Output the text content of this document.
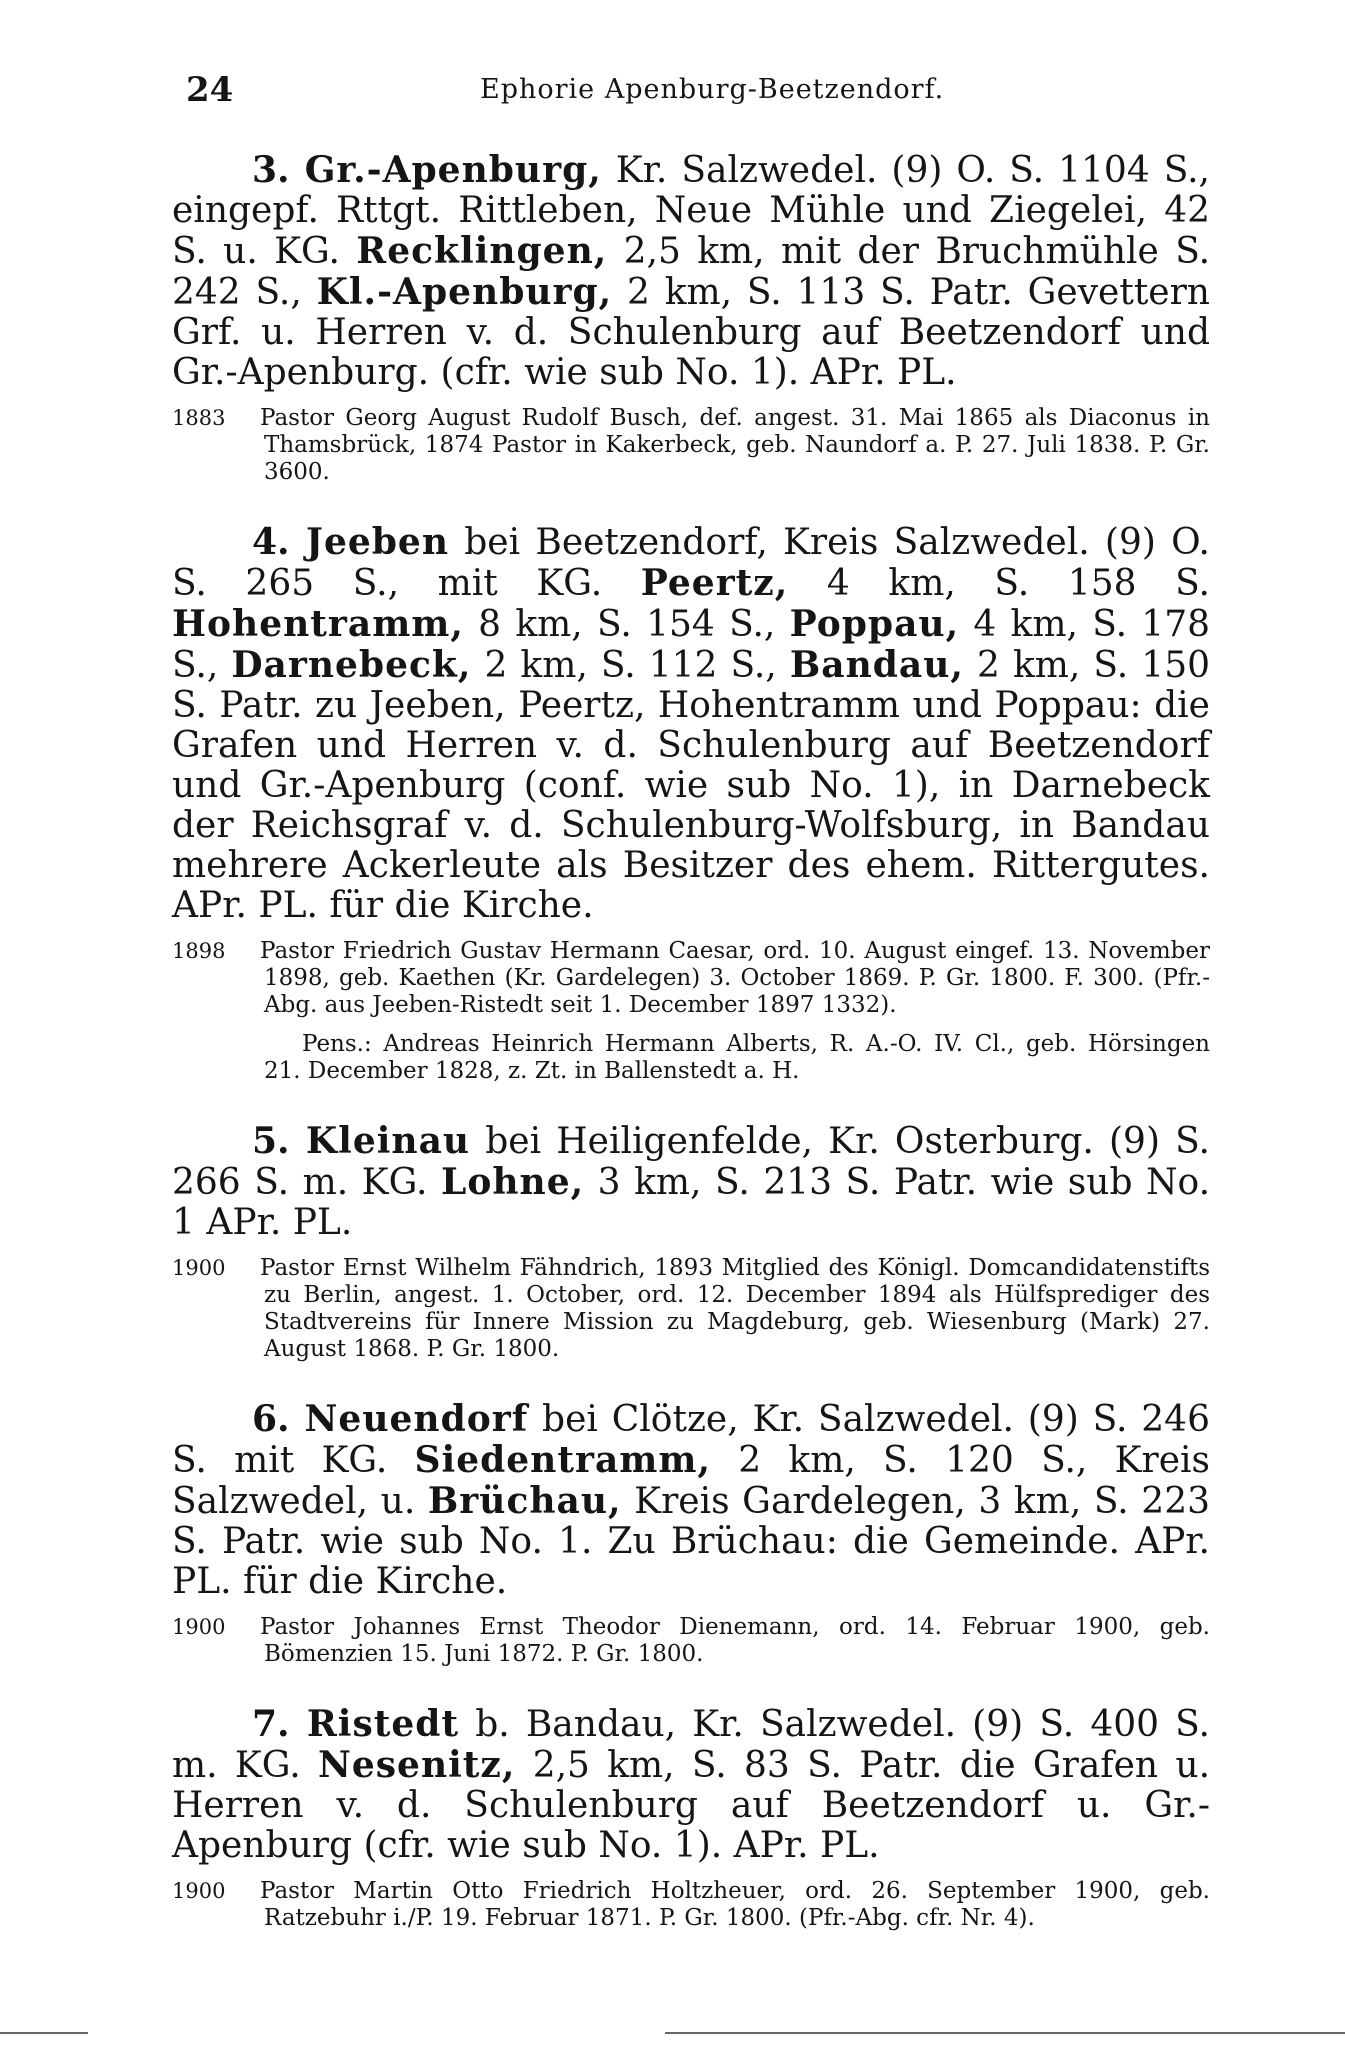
24	Ephorie Apenburg-Beetzendorf.
3. Gr.-Apenburg, Kr. Salzwedel. (9) O. S. 1104 S., eingepf. Rttgt. Rittleben, Neue Mühle und Ziegelei, 42 S. u. KG. Recklingen, 2,5 km, mit der Bruchmühle S. 242 S., Kl.-Apenburg, 2 km, S. 113 S. Patr. Gevettern Grf. u. Herren v. d. Schulenburg auf Beetzendorf und Gr.-Apenburg. (cfr. wie sub No. 1). APr. PL.
1883 Pastor Georg August Rudolf Busch, def. angest. 31. Mai 1865 als Diaconus in Thamsbrück, 1874 Pastor in Kakerbeck, geb. Naundorf a. P. 27. Juli 1838. P. Gr. 3600.
4. Jeeben bei Beetzendorf, Kreis Salzwedel. (9) O. S. 265 S., mit KG. Peertz, 4 km, S. 158 S. Hohentramm, 8 km, S. 154 S., Poppau, 4 km, S. 178 S., Darnebeck, 2 km, S. 112 S., Bandau, 2 km, S. 150 S. Patr. zu Jeeben, Peertz, Hohentramm und Poppau: die Grafen und Herren v. d. Schulenburg auf Beetzendorf und Gr.-Apenburg (conf. wie sub No. 1), in Darnebeck der Reichsgraf v. d. Schulenburg-Wolfsburg, in Bandau mehrere Ackerleute als Besitzer des ehem. Rittergutes. APr. PL. für die Kirche.
1898 Pastor Friedrich Gustav Hermann Caesar, ord. 10. August eingef. 13. November 1898, geb. Kaethen (Kr. Gardelegen) 3. October 1869. P. Gr. 1800. F. 300. (Pfr.-Abg. aus Jeeben-Ristedt seit 1. December 1897 1332).
Pens.: Andreas Heinrich Hermann Alberts, R. A.-O. IV. Cl., geb. Hörsingen 21. December 1828, z. Zt. in Ballenstedt a. H.
5. Kleinau bei Heiligenfelde, Kr. Osterburg. (9) S. 266 S. m. KG. Lohne, 3 km, S. 213 S. Patr. wie sub No. 1 APr. PL.
1900 Pastor Ernst Wilhelm Fähndrich, 1893 Mitglied des Königl. Domcandidatenstifts zu Berlin, angest. 1. October, ord. 12. December 1894 als Hülfsprediger des Stadtvereins für Innere Mission zu Magdeburg, geb. Wiesenburg (Mark) 27. August 1868. P. Gr. 1800.
6. Neuendorf bei Clötze, Kr. Salzwedel. (9) S. 246 S. mit KG. Siedentramm, 2 km, S. 120 S., Kreis Salzwedel, u. Brüchau, Kreis Gardelegen, 3 km, S. 223 S. Patr. wie sub No. 1. Zu Brüchau: die Gemeinde. APr. PL. für die Kirche.
1900 Pastor Johannes Ernst Theodor Dienemann, ord. 14. Februar 1900, geb. Bömenzien 15. Juni 1872. P. Gr. 1800.
7. Ristedt b. Bandau, Kr. Salzwedel. (9) S. 400 S. m. KG. Nesenitz, 2,5 km, S. 83 S. Patr. die Grafen u. Herren v. d. Schulenburg auf Beetzendorf u. Gr.-Apenburg (cfr. wie sub No. 1). APr. PL.
1900 Pastor Martin Otto Friedrich Holtzheuer, ord. 26. September 1900, geb. Ratzebuhr i./P. 19. Februar 1871. P. Gr. 1800. (Pfr.-Abg. cfr. Nr. 4).
